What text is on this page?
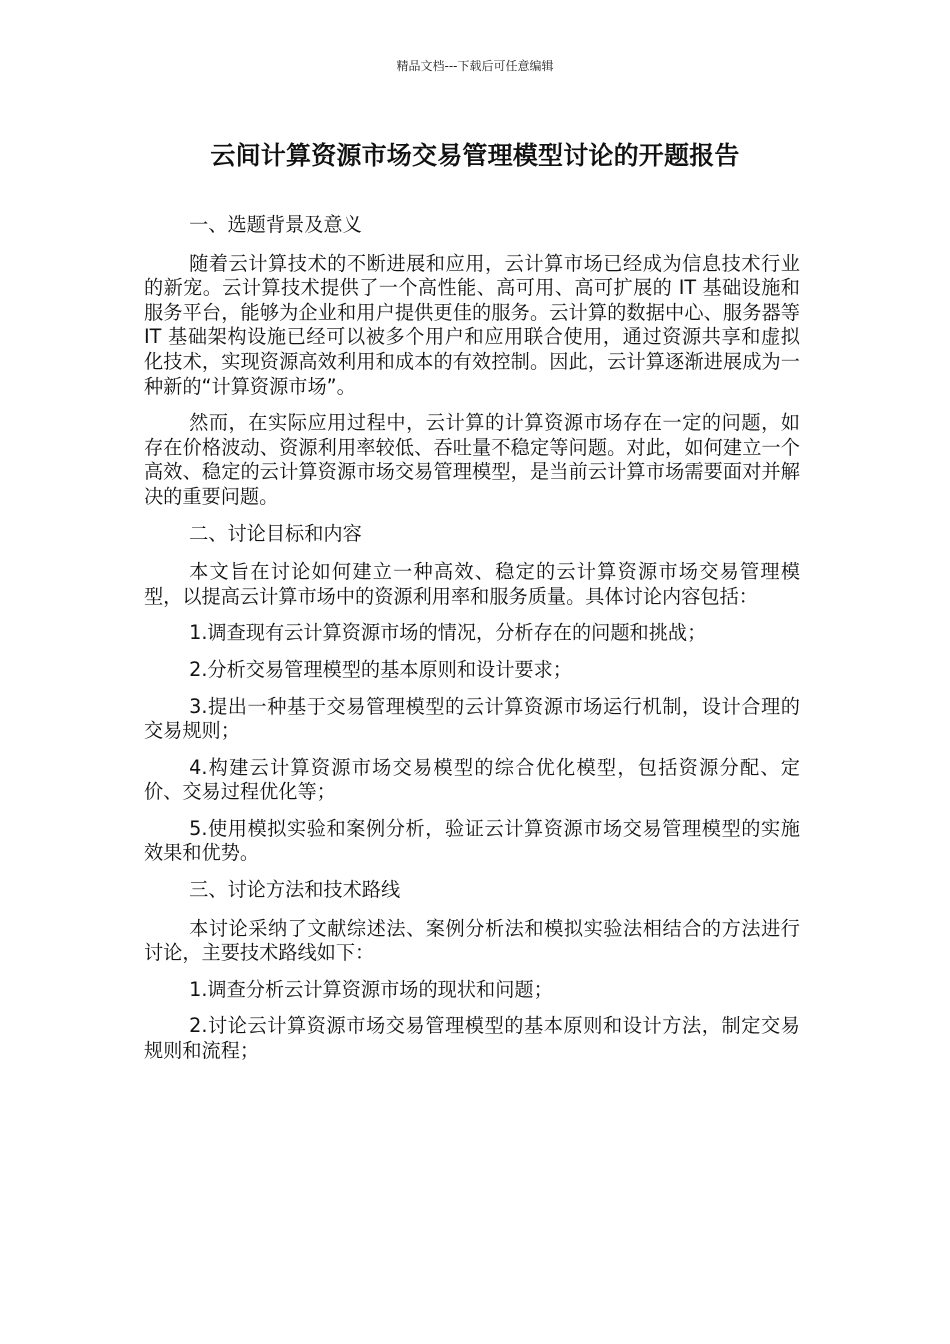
精品文档---下载后可任意编辑
云间计算资源市场交易管理模型讨论的开题报告

一、选题背景及意义

随着云计算技术的不断进展和应用，云计算市场已经成为信息技术行业的新宠。云计算技术提供了一个高性能、高可用、高可扩展的 IT 基础设施和服务平台，能够为企业和用户提供更佳的服务。云计算的数据中心、服务器等 IT 基础架构设施已经可以被多个用户和应用联合使用，通过资源共享和虚拟化技术，实现资源高效利用和成本的有效控制。因此，云计算逐渐进展成为一种新的“计算资源市场”。

然而，在实际应用过程中，云计算的计算资源市场存在一定的问题，如存在价格波动、资源利用率较低、吞吐量不稳定等问题。对此，如何建立一个高效、稳定的云计算资源市场交易管理模型，是当前云计算市场需要面对并解决的重要问题。

二、讨论目标和内容

本文旨在讨论如何建立一种高效、稳定的云计算资源市场交易管理模型，以提高云计算市场中的资源利用率和服务质量。具体讨论内容包括：

1.调查现有云计算资源市场的情况，分析存在的问题和挑战；

2.分析交易管理模型的基本原则和设计要求；

3.提出一种基于交易管理模型的云计算资源市场运行机制，设计合理的交易规则；

4.构建云计算资源市场交易模型的综合优化模型，包括资源分配、定价、交易过程优化等；

5.使用模拟实验和案例分析，验证云计算资源市场交易管理模型的实施效果和优势。

三、讨论方法和技术路线

本讨论采纳了文献综述法、案例分析法和模拟实验法相结合的方法进行讨论，主要技术路线如下：

1.调查分析云计算资源市场的现状和问题；

2.讨论云计算资源市场交易管理模型的基本原则和设计方法，制定交易规则和流程；
